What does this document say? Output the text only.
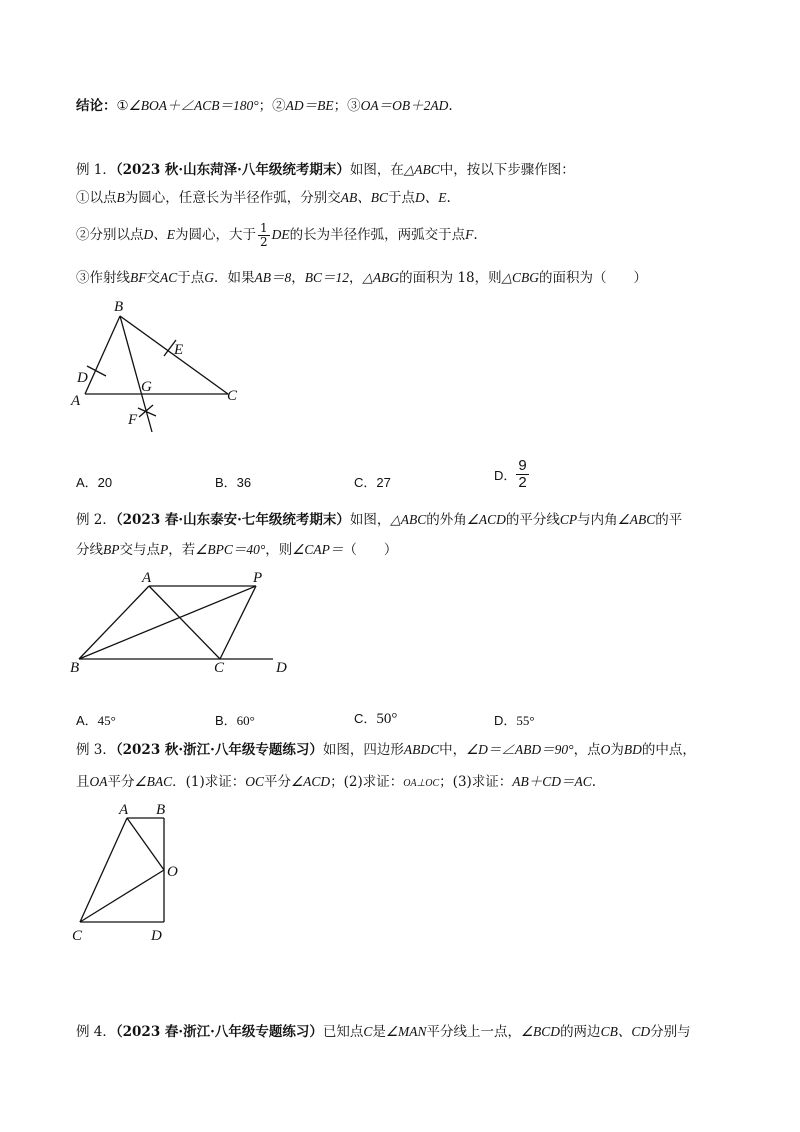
结论：①∠BOA＋∠ACB＝180°；②AD＝BE；③OA＝OB＋2AD.
例 1．（2023 秋·山东菏泽·八年级统考期末）如图，在△ABC中，按以下步骤作图：
①以点B为圆心，任意长为半径作弧，分别交AB、BC于点D、E.
②分别以点D、E为圆心，大于 $\frac{1}{2}$ DE的长为半径作弧，两弧交于点F.
③作射线BF交AC于点G．如果AB＝8，BC＝12，△ABG的面积为 18，则△CBG的面积为（　　）
B
E
D
G
A	C
F
A．20	B．36	C．27	D． $\frac{9}{2}$
例 2．（2023 春·山东泰安·七年级统考期末）如图，△ABC的外角∠ACD的平分线CP与内角∠ABC的平
分线BP交与点P，若∠BPC＝40°，则∠CAP＝（　　）
A	P
B	C	D
A．45°	B．60°	C．50°	D．55°
例 3．（2023 秋·浙江·八年级专题练习）如图，四边形ABDC中，∠D＝∠ABD＝90°，点O为BD的中点，
且OA平分∠BAC．(1)求证：OC平分∠ACD；(2)求证：OA⊥OC；(3)求证：AB＋CD＝AC.
A B
O
C	D
例 4．（2023 春·浙江·八年级专题练习）已知点C是∠MAN平分线上一点，∠BCD的两边CB、CD分别与
